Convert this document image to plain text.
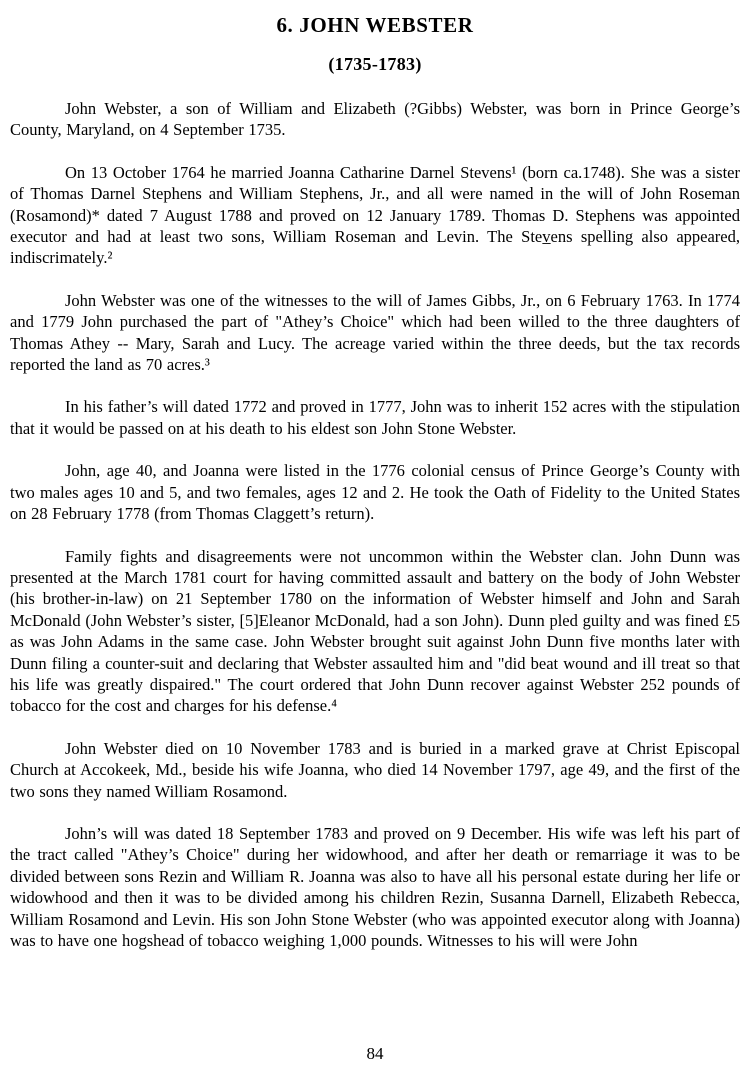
6. JOHN WEBSTER
(1735-1783)

John Webster, a son of William and Elizabeth (?Gibbs) Webster, was born in Prince George’s County, Maryland, on 4 September 1735.

On 13 October 1764 he married Joanna Catharine Darnel Stevens¹ (born ca.1748). She was a sister of Thomas Darnel Stephens and William Stephens, Jr., and all were named in the will of John Roseman (Rosamond)* dated 7 August 1788 and proved on 12 January 1789. Thomas D. Stephens was appointed executor and had at least two sons, William Roseman and Levin. The Stev̲ens spelling also appeared, indiscrimately.²

John Webster was one of the witnesses to the will of James Gibbs, Jr., on 6 February 1763. In 1774 and 1779 John purchased the part of "Athey’s Choice" which had been willed to the three daughters of Thomas Athey -- Mary, Sarah and Lucy. The acreage varied within the three deeds, but the tax records reported the land as 70 acres.³

In his father’s will dated 1772 and proved in 1777, John was to inherit 152 acres with the stipulation that it would be passed on at his death to his eldest son John Stone Webster.

John, age 40, and Joanna were listed in the 1776 colonial census of Prince George’s County with two males ages 10 and 5, and two females, ages 12 and 2. He took the Oath of Fidelity to the United States on 28 February 1778 (from Thomas Claggett’s return).

Family fights and disagreements were not uncommon within the Webster clan. John Dunn was presented at the March 1781 court for having committed assault and battery on the body of John Webster (his brother-in-law) on 21 September 1780 on the information of Webster himself and John and Sarah McDonald (John Webster’s sister, [5]Eleanor McDonald, had a son John). Dunn pled guilty and was fined £5 as was John Adams in the same case. John Webster brought suit against John Dunn five months later with Dunn filing a counter-suit and declaring that Webster assaulted him and "did beat wound and ill treat so that his life was greatly dispaired." The court ordered that John Dunn recover against Webster 252 pounds of tobacco for the cost and charges for his defense.⁴

John Webster died on 10 November 1783 and is buried in a marked grave at Christ Episcopal Church at Accokeek, Md., beside his wife Joanna, who died 14 November 1797, age 49, and the first of the two sons they named William Rosamond.

John’s will was dated 18 September 1783 and proved on 9 December. His wife was left his part of the tract called "Athey’s Choice" during her widowhood, and after her death or remarriage it was to be divided between sons Rezin and William R. Joanna was also to have all his personal estate during her life or widowhood and then it was to be divided among his children Rezin, Susanna Darnell, Elizabeth Rebecca, William Rosamond and Levin. His son John Stone Webster (who was appointed executor along with Joanna) was to have one hogshead of tobacco weighing 1,000 pounds. Witnesses to his will were John

84
